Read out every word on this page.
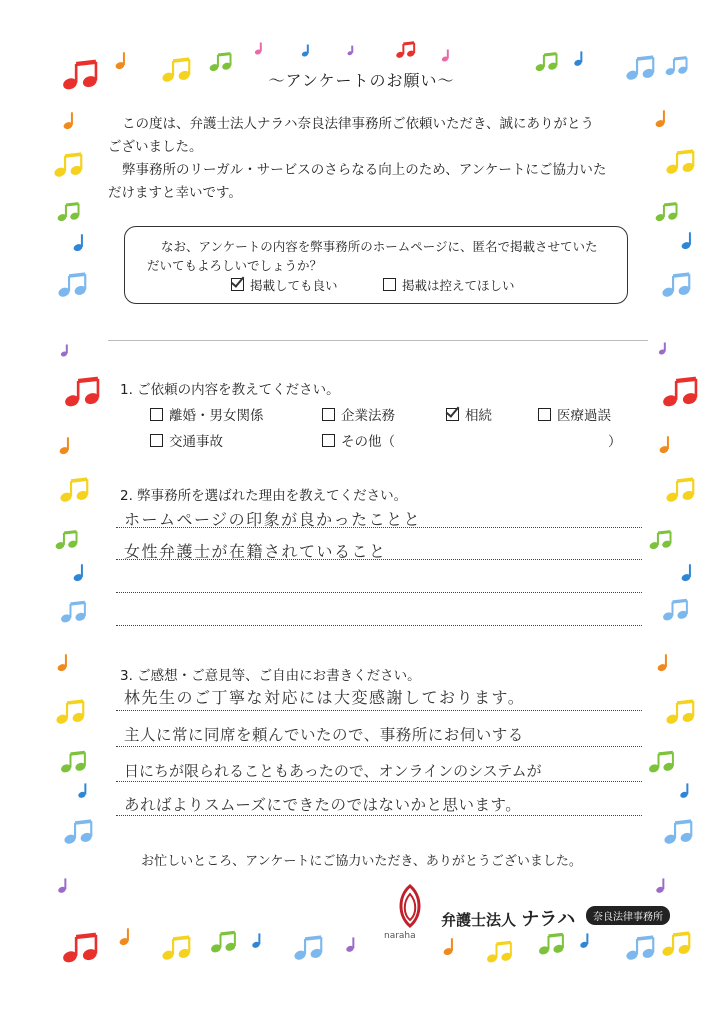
～アンケートのお願い～
この度は、弁護士法人ナラハ奈良法律事務所ご依頼いただき、誠にありがとう
ございました。
弊事務所のリーガル・サービスのさらなる向上のため、アンケートにご協力いた
だけますと幸いです。
なお、アンケートの内容を弊事務所のホームページに、匿名で掲載させていた
だいてもよろしいでしょうか？
掲載しても良い	掲載は控えてほしい
1. ご依頼の内容を教えてください。
離婚・男女関係	企業法務	相続	医療過誤
交通事故	その他（	）
2. 弊事務所を選ばれた理由を教えてください。
ホームページの印象が良かったことと
女性弁護士が在籍されていること
3. ご感想・ご意見等、ご自由にお書きください。
林先生のご丁寧な対応には大変感謝しております。
主人に常に同席を頼んでいたので、事務所にお伺いする
日にちが限られることもあったので、オンラインのシステムが
あればよりスムーズにできたのではないかと思います。
お忙しいところ、アンケートにご協力いただき、ありがとうございました。
naraha
弁護士法人 ナラハ	奈良法律事務所
